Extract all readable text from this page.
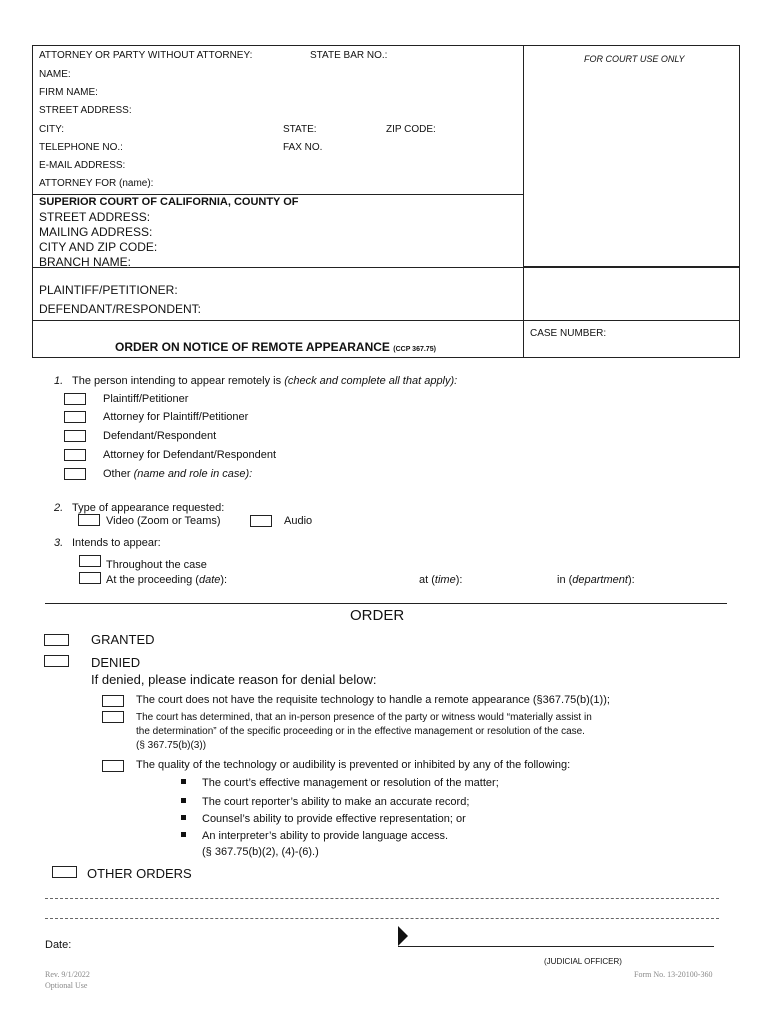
ATTORNEY OR PARTY WITHOUT ATTORNEY:	STATE BAR NO.:	FOR COURT USE ONLY
NAME:
FIRM NAME:
STREET ADDRESS:
CITY:	STATE:	ZIP CODE:
TELEPHONE NO.:	FAX NO.
E-MAIL ADDRESS:
ATTORNEY FOR (name):
SUPERIOR COURT OF CALIFORNIA, COUNTY OF
STREET ADDRESS:
MAILING ADDRESS:
CITY AND ZIP CODE:
BRANCH NAME:
PLAINTIFF/PETITIONER:
DEFENDANT/RESPONDENT:
CASE NUMBER:
ORDER ON NOTICE OF REMOTE APPEARANCE (CCP 367.75)
1. The person intending to appear remotely is (check and complete all that apply):
Plaintiff/Petitioner
Attorney for Plaintiff/Petitioner
Defendant/Respondent
Attorney for Defendant/Respondent
Other (name and role in case):
2. Type of appearance requested:
Video (Zoom or Teams)	Audio
3. Intends to appear:
Throughout the case
At the proceeding (date):	at (time):	in (department):
ORDER
GRANTED
DENIED
If denied, please indicate reason for denial below:
The court does not have the requisite technology to handle a remote appearance (§367.75(b)(1));
The court has determined, that an in-person presence of the party or witness would “materially assist in
the determination” of the specific proceeding or in the effective management or resolution of the case.
(§ 367.75(b)(3))
The quality of the technology or audibility is prevented or inhibited by any of the following:
The court’s effective management or resolution of the matter;
The court reporter’s ability to make an accurate record;
Counsel’s ability to provide effective representation; or
An interpreter’s ability to provide language access.
(§ 367.75(b)(2), (4)-(6).)
OTHER ORDERS
Date:
(JUDICIAL OFFICER)
Rev. 9/1/2022
Optional Use
Form No. 13-20100-360
